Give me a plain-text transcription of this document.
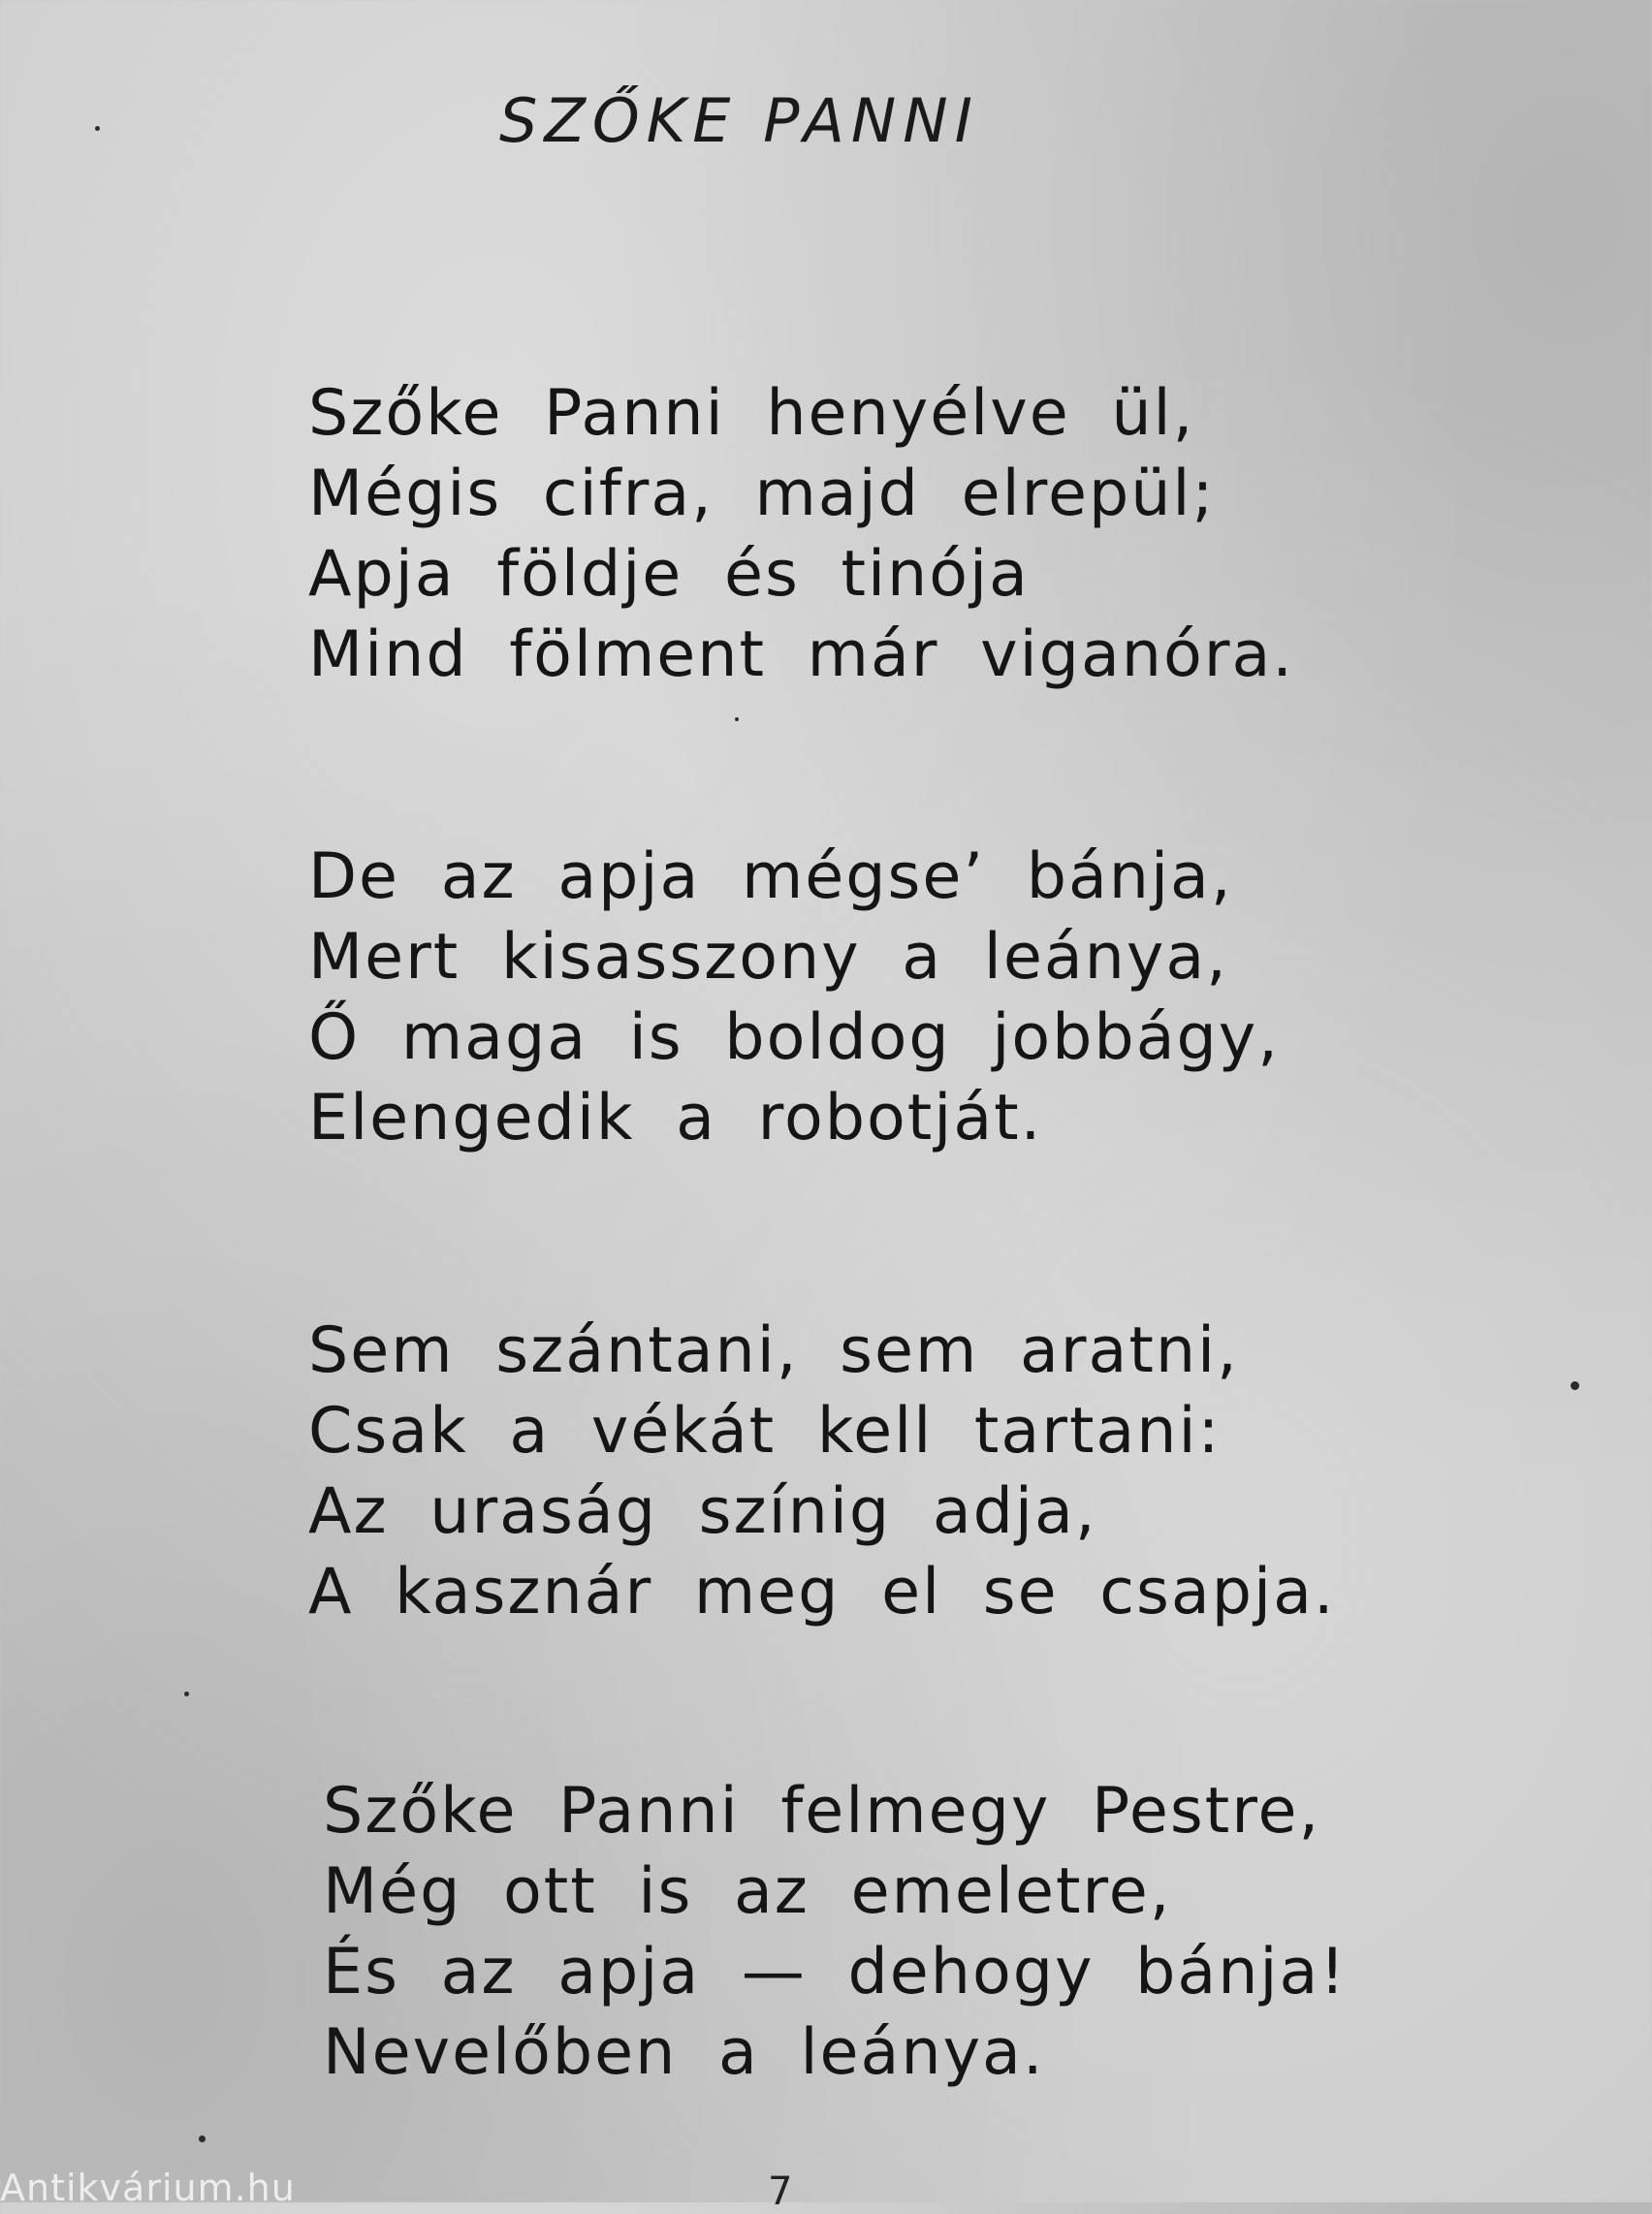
SZŐKE PANNI
Szőke Panni henyélve ül,
Mégis cifra, majd elrepül;
Apja földje és tinója
Mind fölment már viganóra.
De az apja mégse’ bánja,
Mert kisasszony a leánya,
Ő maga is boldog jobbágy,
Elengedik a robotját.
Sem szántani, sem aratni,
Csak a vékát kell tartani:
Az uraság színig adja,
A kasznár meg el se csapja.
Szőke Panni felmegy Pestre,
Még ott is az emeletre,
És az apja — dehogy bánja!
Nevelőben a leánya.
7
Antikvárium.hu
